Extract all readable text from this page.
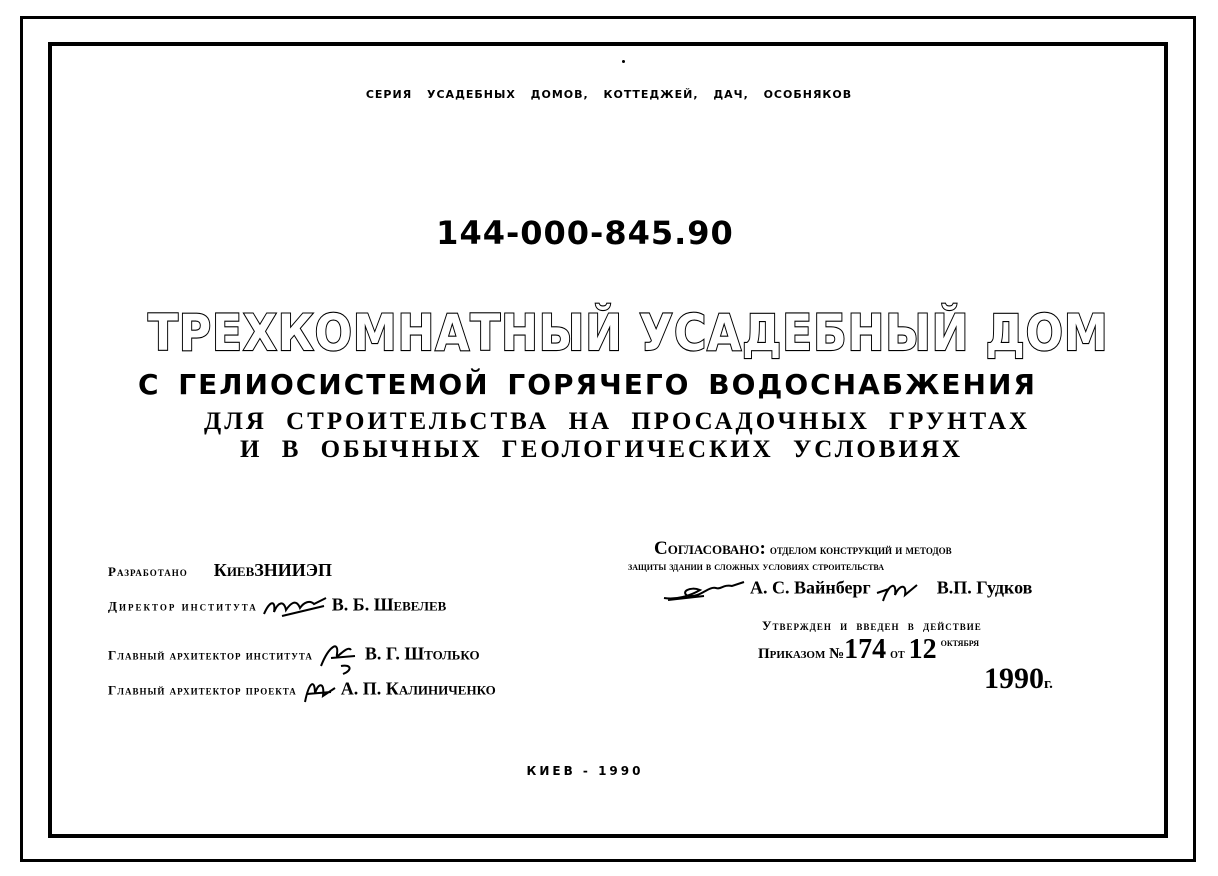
СЕРИЯ УСАДЕБНЫХ ДОМОВ, КОТТЕДЖЕЙ, ДАЧ, ОСОБНЯКОВ
144-000-845.90
ТРЕХКОМНАТНЫЙ УСАДЕБНЫЙ ДОМ
С ГЕЛИОСИСТЕМОЙ ГОРЯЧЕГО ВОДОСНАБЖЕНИЯ
ДЛЯ СТРОИТЕЛЬСТВА НА ПРОСАДОЧНЫХ ГРУНТАХ
И В ОБЫЧНЫХ ГЕОЛОГИЧЕСКИХ УСЛОВИЯХ
Разработано КиевЗНИИЭП
Директор института	В. Б. Шевелев
Главный архитектор института	В. Г. Штолько
Главный архитектор проекта А. П. Калиниченко
Согласовано: отделом конструкций и методов
защиты здании в сложных условиях строительства
А. С. Вайнберг	В.П. Гудков
Утвержден и введен в действие
Приказом №174 от 12 $^{октября}$
1990г.
КИЕВ - 1990
